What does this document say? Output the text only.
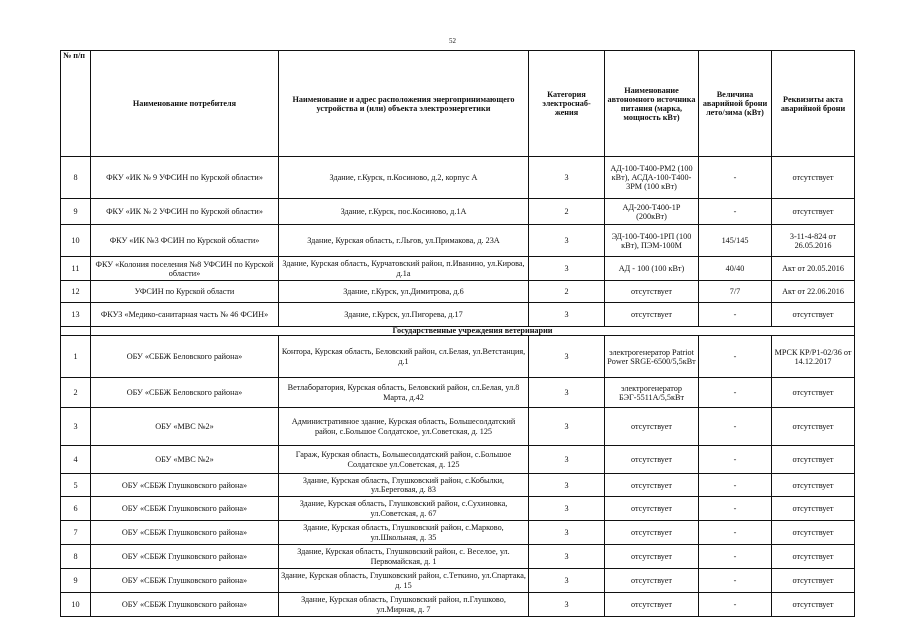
52
№ п/п	Наименование потребителя	Наименование и адрес расположения энергопринимающего устройства и (или) объекта электроэнергетики	Категория электроснаб-жения	Наименование автономного источника питания (марка, мощность кВт)	Величина аварийной брони лето/зима (кВт)	Реквизиты акта аварийной брони
8	ФКУ «ИК № 9 УФСИН по Курской области»	Здание, г.Курск, п.Косиново, д.2, корпус А	3	АД-100-Т400-РМ2 (100 кВт), АСДА-100-Т400-3РМ (100 кВт)	-	отсутствует
9	ФКУ «ИК № 2 УФСИН по Курской области»	Здание, г.Курск, пос.Косиново, д.1А	2	АД-200-Т400-1Р (200кВт)	-	отсутствует
10	ФКУ «ИК №3 ФСИН по Курской области»	Здание, Курская область, г.Льгов, ул.Примакова, д. 23А	3	ЭД-100-Т400-1РП (100 кВт), ПЭМ-100М	145/145	3-11-4-824 от 26.05.2016
11	ФКУ «Колония поселения №8 УФСИН по Курской области»	Здание, Курская область, Курчатовский район, п.Иванино, ул.Кирова, д.1а	3	АД - 100 (100 кВт)	40/40	Акт от 20.05.2016
12	УФСИН по Курской области	Здание, г.Курск, ул.Димитрова, д.6	2	отсутствует	7/7	Акт от 22.06.2016
13	ФКУЗ «Медико-санитарная часть № 46 ФСИН»	Здание, г.Курск, ул.Пигорева, д.17	3	отсутствует	-	отсутствует
	Государственные учреждения ветеринарии					
1	ОБУ «СББЖ Беловского района»	Контора, Курская область, Беловский район, сл.Белая, ул.Ветстанция, д.1	3	электрогенератор Patriot Power SRGE-6500/5,5кВт	-	МРСК КР/Р1-02/36 от 14.12.2017
2	ОБУ «СББЖ Беловского района»	Ветлаборатория, Курская область, Беловский район, сл.Белая, ул.8 Марта, д.42	3	электрогенератор БЭГ-5511А/5,5кВт	-	отсутствует
3	ОБУ «МВС №2»	Административное здание, Курская область, Большесолдатский район, с.Большое Солдатское, ул.Советская, д. 125	3	отсутствует	-	отсутствует
4	ОБУ «МВС №2»	Гараж, Курская область, Большесолдатский район, с.Большое Солдатское ул.Советская, д. 125	3	отсутствует	-	отсутствует
5	ОБУ «СББЖ Глушковского района»	Здание, Курская область, Глушковский район, с.Кобылки, ул.Береговая, д. 83	3	отсутствует	-	отсутствует
6	ОБУ «СББЖ Глушковского района»	Здание, Курская область, Глушковский район, с.Сухиновка, ул.Советская, д. 67	3	отсутствует	-	отсутствует
7	ОБУ «СББЖ Глушковского района»	Здание, Курская область, Глушковский район, с.Марково, ул.Школьная, д. 35	3	отсутствует	-	отсутствует
8	ОБУ «СББЖ Глушковского района»	Здание, Курская область, Глушковский район, с. Веселое, ул. Первомайская, д. 1	3	отсутствует	-	отсутствует
9	ОБУ «СББЖ Глушковского района»	Здание, Курская область, Глушковский район, с.Теткино, ул.Спартака, д. 15	3	отсутствует	-	отсутствует
10	ОБУ «СББЖ Глушковского района»	Здание, Курская область, Глушковский район, п.Глушково, ул.Мирная, д. 7	3	отсутствует	-	отсутствует
